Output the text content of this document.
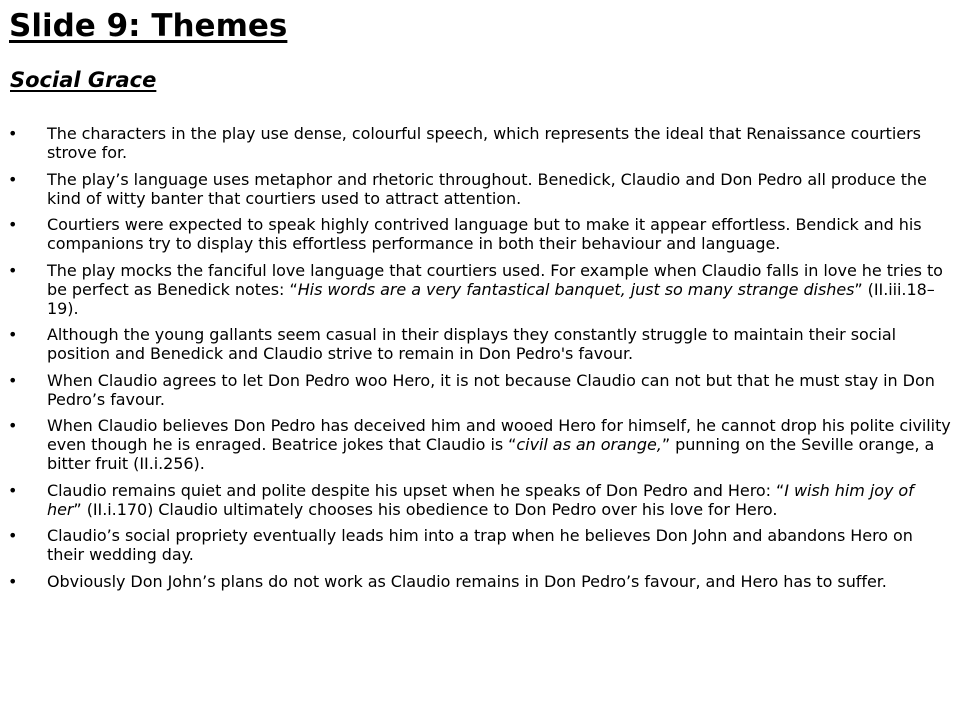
Slide 9: Themes
Social Grace
• The characters in the play use dense, colourful speech, which represents the ideal that Renaissance courtiers strove for.
• The play’s language uses metaphor and rhetoric throughout. Benedick, Claudio and Don Pedro all produce the kind of witty banter that courtiers used to attract attention.
• Courtiers were expected to speak highly contrived language but to make it appear effortless. Bendick and his companions try to display this effortless performance in both their behaviour and language.
• The play mocks the fanciful love language that courtiers used. For example when Claudio falls in love he tries to be perfect as Benedick notes: “His words are a very fantastical banquet, just so many strange dishes” (II.iii.18–19).
• Although the young gallants seem casual in their displays they constantly struggle to maintain their social position and Benedick and Claudio strive to remain in Don Pedro's favour.
• When Claudio agrees to let Don Pedro woo Hero, it is not because Claudio can not but that he must stay in Don Pedro’s favour.
• When Claudio believes Don Pedro has deceived him and wooed Hero for himself, he cannot drop his polite civility even though he is enraged. Beatrice jokes that Claudio is “civil as an orange,” punning on the Seville orange, a bitter fruit (II.i.256).
• Claudio remains quiet and polite despite his upset when he speaks of Don Pedro and Hero: “I wish him joy of her” (II.i.170) Claudio ultimately chooses his obedience to Don Pedro over his love for Hero.
• Claudio’s social propriety eventually leads him into a trap when he believes Don John and abandons Hero on their wedding day.
• Obviously Don John’s plans do not work as Claudio remains in Don Pedro’s favour, and Hero has to suffer.
